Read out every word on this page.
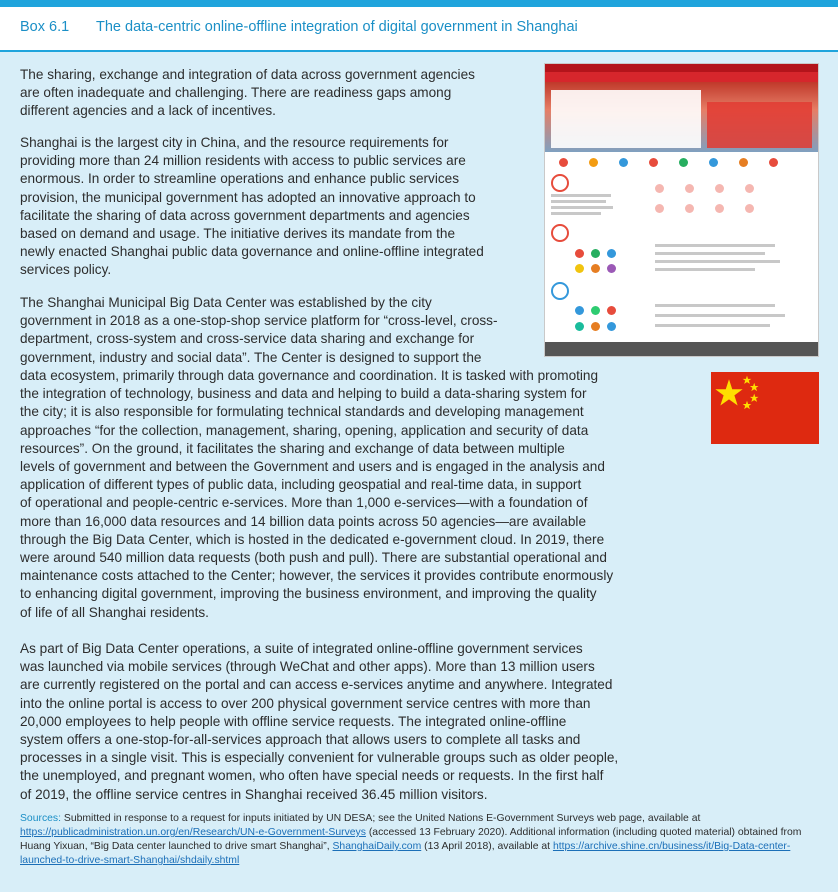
Box 6.1 The data-centric online-offline integration of digital government in Shanghai
The sharing, exchange and integration of data across government agencies
are often inadequate and challenging. There are readiness gaps among
different agencies and a lack of incentives.
Shanghai is the largest city in China, and the resource requirements for
providing more than 24 million residents with access to public services are
enormous. In order to streamline operations and enhance public services
provision, the municipal government has adopted an innovative approach to
facilitate the sharing of data across government departments and agencies
based on demand and usage. The initiative derives its mandate from the
newly enacted Shanghai public data governance and online-offline integrated
services policy.
The Shanghai Municipal Big Data Center was established by the city
government in 2018 as a one-stop-shop service platform for “cross-level, cross-
department, cross-system and cross-service data sharing and exchange for
government, industry and social data”. The Center is designed to support the
data ecosystem, primarily through data governance and coordination. It is tasked with promoting
the integration of technology, business and data and helping to build a data-sharing system for
the city; it is also responsible for formulating technical standards and developing management
approaches “for the collection, management, sharing, opening, application and security of data
resources”. On the ground, it facilitates the sharing and exchange of data between multiple
levels of government and between the Government and users and is engaged in the analysis and
application of different types of public data, including geospatial and real-time data, in support
of operational and people-centric e-services. More than 1,000 e-services—with a foundation of
more than 16,000 data resources and 14 billion data points across 50 agencies—are available
through the Big Data Center, which is hosted in the dedicated e-government cloud. In 2019, there
were around 540 million data requests (both push and pull). There are substantial operational and
maintenance costs attached to the Center; however, the services it provides contribute enormously
to enhancing digital government, improving the business environment, and improving the quality
of life of all Shanghai residents.
As part of Big Data Center operations, a suite of integrated online-offline government services
was launched via mobile services (through WeChat and other apps). More than 13 million users
are currently registered on the portal and can access e-services anytime and anywhere. Integrated
into the online portal is access to over 200 physical government service centres with more than
20,000 employees to help people with offline service requests. The integrated online-offline
system offers a one-stop-for-all-services approach that allows users to complete all tasks and
processes in a single visit. This is especially convenient for vulnerable groups such as older people,
the unemployed, and pregnant women, who often have special needs or requests. In the first half
of 2019, the offline service centres in Shanghai received 36.45 million visitors.

Sources: Submitted in response to a request for inputs initiated by UN DESA; see the United Nations E-Government Surveys web page, available at https://publicadministration.un.org/en/Research/UN-e-Government-Surveys (accessed 13 February 2020). Additional information (including quoted material) obtained from Huang Yixuan, “Big Data center launched to drive smart Shanghai”, ShanghaiDaily.com (13 April 2018), available at https://archive.shine.cn/business/it/Big-Data-center-launched-to-drive-smart-Shanghai/shdaily.shtml
